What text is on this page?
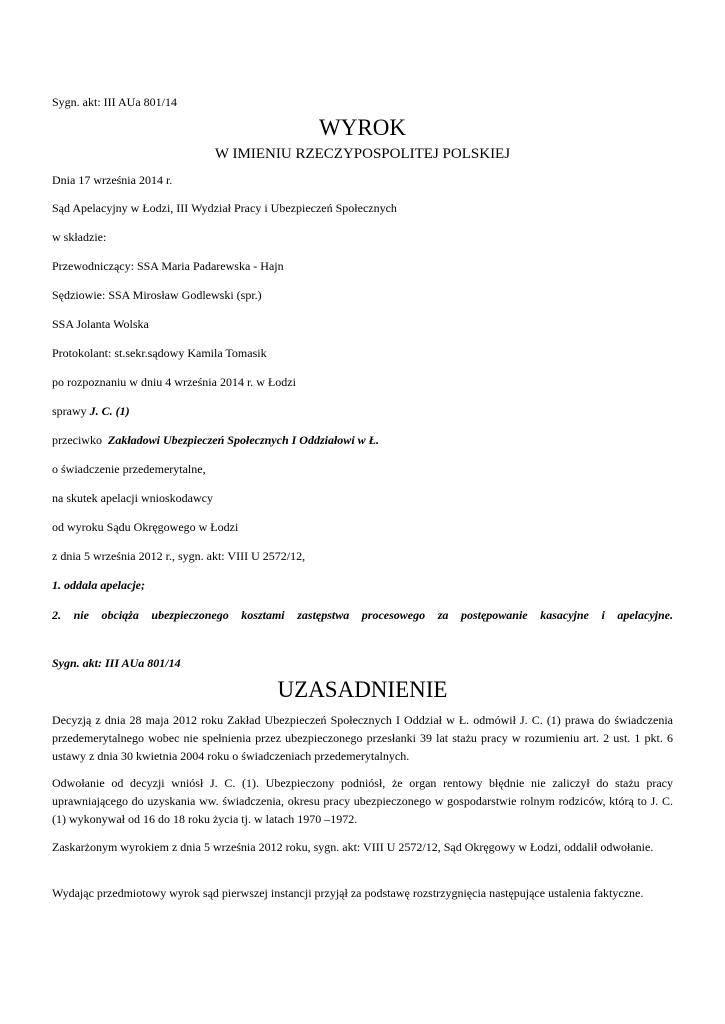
Sygn. akt: III AUa 801/14
WYROK
W IMIENIU RZECZYPOSPOLITEJ POLSKIEJ
Dnia 17 września 2014 r.
Sąd Apelacyjny w Łodzi, III Wydział Pracy i Ubezpieczeń Społecznych
w składzie:
Przewodniczący: SSA Maria Padarewska - Hajn
Sędziowie: SSA Mirosław Godlewski (spr.)
SSA Jolanta Wolska
Protokolant: st.sekr.sądowy Kamila Tomasik
po rozpoznaniu w dniu 4 września 2014 r. w Łodzi
sprawy J. C. (1)
przeciwko Zakładowi Ubezpieczeń Społecznych I Oddziałowi w Ł.
o świadczenie przedemerytalne,
na skutek apelacji wnioskodawcy
od wyroku Sądu Okręgowego w Łodzi
z dnia 5 września 2012 r., sygn. akt: VIII U 2572/12,
1. oddala apelacje;
2. nie obciąża ubezpieczonego kosztami zastępstwa procesowego za postępowanie kasacyjne i apelacyjne.
Sygn. akt: III AUa 801/14
UZASADNIENIE
Decyzją z dnia 28 maja 2012 roku Zakład Ubezpieczeń Społecznych I Oddział w Ł. odmówił J. C. (1) prawa do świadczenia przedemerytalnego wobec nie spełnienia przez ubezpieczonego przesłanki 39 lat stażu pracy w rozumieniu art. 2 ust. 1 pkt. 6 ustawy z dnia 30 kwietnia 2004 roku o świadczeniach przedemerytalnych.
Odwołanie od decyzji wniósł J. C. (1). Ubezpieczony podniósł, że organ rentowy błędnie nie zaliczył do stażu pracy uprawniającego do uzyskania ww. świadczenia, okresu pracy ubezpieczonego w gospodarstwie rolnym rodziców, którą to J. C. (1) wykonywał od 16 do 18 roku życia tj. w latach 1970 –1972.
Zaskarżonym wyrokiem z dnia 5 września 2012 roku, sygn. akt: VIII U 2572/12, Sąd Okręgowy w Łodzi, oddalił odwołanie.
Wydając przedmiotowy wyrok sąd pierwszej instancji przyjął za podstawę rozstrzygnięcia następujące ustalenia faktyczne.
